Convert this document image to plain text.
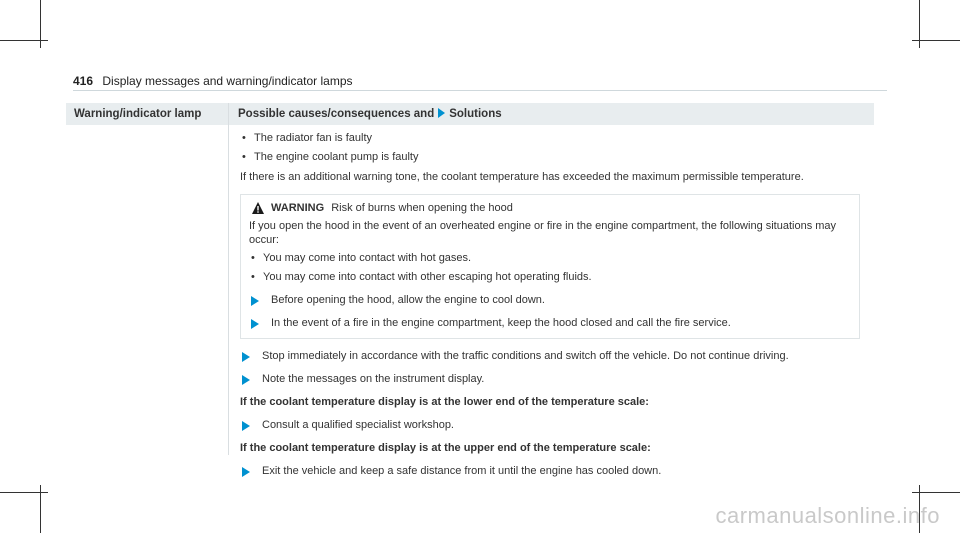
416 Display messages and warning/indicator lamps
Warning/indicator lamp	Possible causes/consequences and Solutions
• The radiator fan is faulty
• The engine coolant pump is faulty
If there is an additional warning tone, the coolant temperature has exceeded the maximum permissible temperature.
WARNING Risk of burns when opening the hood
If you open the hood in the event of an overheated engine or fire in the engine compartment, the following situations may occur:
• You may come into contact with hot gases.
• You may come into contact with other escaping hot operating fluids.
Before opening the hood, allow the engine to cool down.
In the event of a fire in the engine compartment, keep the hood closed and call the fire service.
Stop immediately in accordance with the traffic conditions and switch off the vehicle. Do not continue driving.
Note the messages on the instrument display.
If the coolant temperature display is at the lower end of the temperature scale:
Consult a qualified specialist workshop.
If the coolant temperature display is at the upper end of the temperature scale:
Exit the vehicle and keep a safe distance from it until the engine has cooled down.
carmanualsonline.info
